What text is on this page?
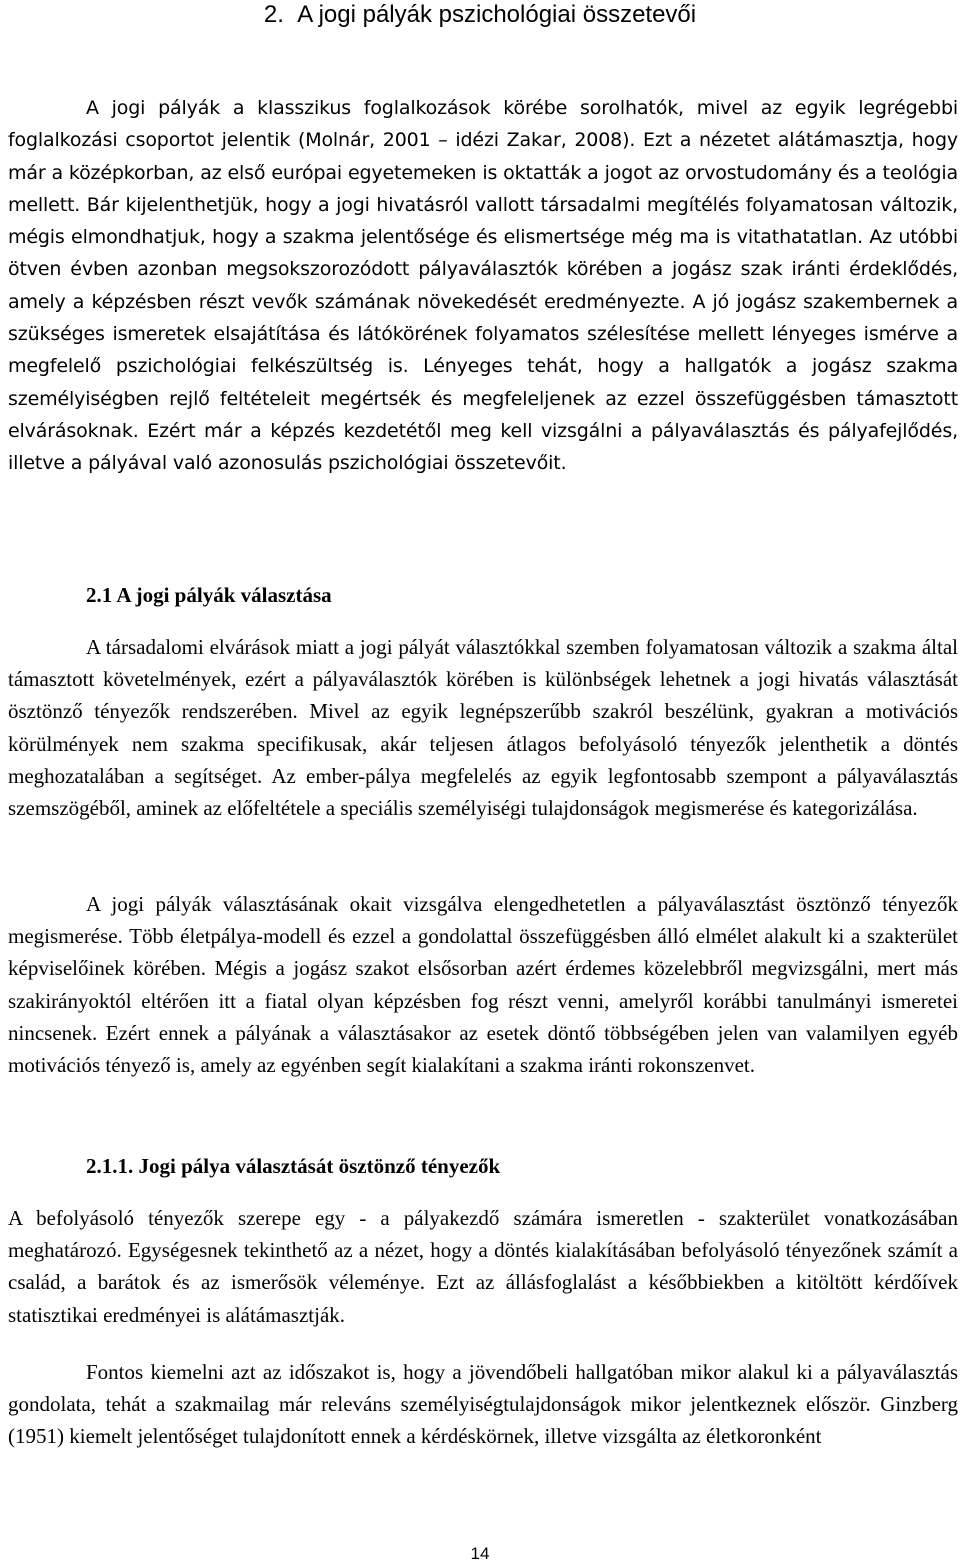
2. A jogi pályák pszichológiai összetevői

A jogi pályák a klasszikus foglalkozások körébe sorolhatók, mivel az egyik legrégebbi foglalkozási csoportot jelentik (Molnár, 2001 – idézi Zakar, 2008). Ezt a nézetet alátámasztja, hogy már a középkorban, az első európai egyetemeken is oktatták a jogot az orvostudomány és a teológia mellett. Bár kijelenthetjük, hogy a jogi hivatásról vallott társadalmi megítélés folyamatosan változik, mégis elmondhatjuk, hogy a szakma jelentősége és elismertsége még ma is vitathatatlan. Az utóbbi ötven évben azonban megsokszorozódott pályaválasztók körében a jogász szak iránti érdeklődés, amely a képzésben részt vevők számának növekedését eredményezte. A jó jogász szakembernek a szükséges ismeretek elsajátítása és látókörének folyamatos szélesítése mellett lényeges ismérve a megfelelő pszichológiai felkészültség is. Lényeges tehát, hogy a hallgatók a jogász szakma személyiségben rejlő feltételeit megértsék és megfeleljenek az ezzel összefüggésben támasztott elvárásoknak. Ezért már a képzés kezdetétől meg kell vizsgálni a pályaválasztás és pályafejlődés, illetve a pályával való azonosulás pszichológiai összetevőit.

2.1 A jogi pályák választása

A társadalomi elvárások miatt a jogi pályát választókkal szemben folyamatosan változik a szakma által támasztott követelmények, ezért a pályaválasztók körében is különbségek lehetnek a jogi hivatás választását ösztönző tényezők rendszerében. Mivel az egyik legnépszerűbb szakról beszélünk, gyakran a motivációs körülmények nem szakma specifikusak, akár teljesen átlagos befolyásoló tényezők jelenthetik a döntés meghozatalában a segítséget. Az ember-pálya megfelelés az egyik legfontosabb szempont a pályaválasztás szemszögéből, aminek az előfeltétele a speciális személyiségi tulajdonságok megismerése és kategorizálása.

A jogi pályák választásának okait vizsgálva elengedhetetlen a pályaválasztást ösztönző tényezők megismerése. Több életpálya-modell és ezzel a gondolattal összefüggésben álló elmélet alakult ki a szakterület képviselőinek körében. Mégis a jogász szakot elsősorban azért érdemes közelebbről megvizsgálni, mert más szakirányoktól eltérően itt a fiatal olyan képzésben fog részt venni, amelyről korábbi tanulmányi ismeretei nincsenek. Ezért ennek a pályának a választásakor az esetek döntő többségében jelen van valamilyen egyéb motivációs tényező is, amely az egyénben segít kialakítani a szakma iránti rokonszenvet.

2.1.1. Jogi pálya választását ösztönző tényezők

A befolyásoló tényezők szerepe egy - a pályakezdő számára ismeretlen - szakterület vonatkozásában meghatározó. Egységesnek tekinthető az a nézet, hogy a döntés kialakításában befolyásoló tényezőnek számít a család, a barátok és az ismerősök véleménye. Ezt az állásfoglalást a későbbiekben a kitöltött kérdőívek statisztikai eredményei is alátámasztják.

Fontos kiemelni azt az időszakot is, hogy a jövendőbeli hallgatóban mikor alakul ki a pályaválasztás gondolata, tehát a szakmailag már releváns személyiségtulajdonságok mikor jelentkeznek először. Ginzberg (1951) kiemelt jelentőséget tulajdonított ennek a kérdéskörnek, illetve vizsgálta az életkoronként

14
